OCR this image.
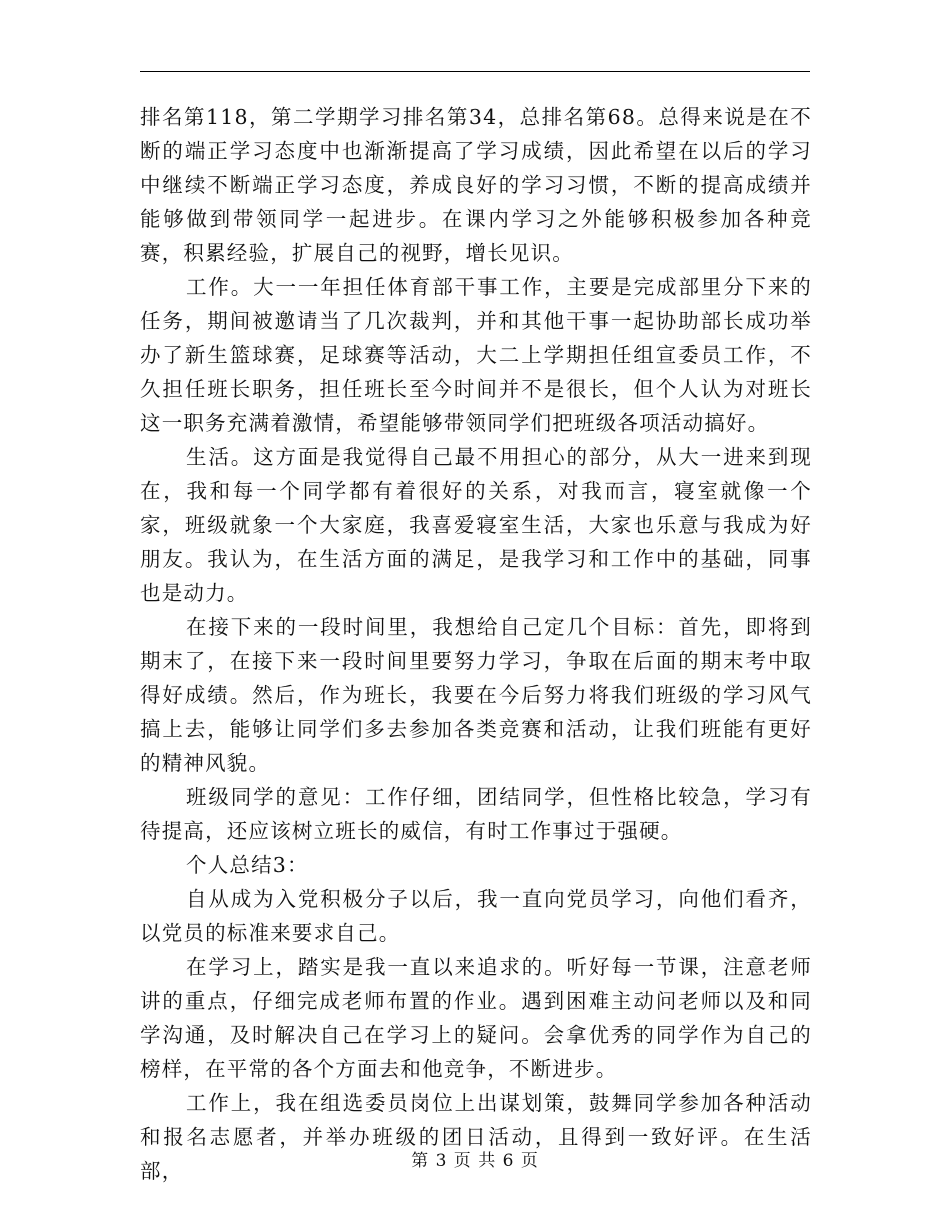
排名第118，第二学期学习排名第34，总排名第68。总得来说是在不断的端正学习态度中也渐渐提高了学习成绩，因此希望在以后的学习中继续不断端正学习态度，养成良好的学习习惯，不断的提高成绩并能够做到带领同学一起进步。在课内学习之外能够积极参加各种竞赛，积累经验，扩展自己的视野，增长见识。

工作。大一一年担任体育部干事工作，主要是完成部里分下来的任务，期间被邀请当了几次裁判，并和其他干事一起协助部长成功举办了新生篮球赛，足球赛等活动，大二上学期担任组宣委员工作，不久担任班长职务，担任班长至今时间并不是很长，但个人认为对班长这一职务充满着激情，希望能够带领同学们把班级各项活动搞好。

生活。这方面是我觉得自己最不用担心的部分，从大一进来到现在，我和每一个同学都有着很好的关系，对我而言，寝室就像一个家，班级就象一个大家庭，我喜爱寝室生活，大家也乐意与我成为好朋友。我认为，在生活方面的满足，是我学习和工作中的基础，同事也是动力。

在接下来的一段时间里，我想给自己定几个目标：首先，即将到期末了，在接下来一段时间里要努力学习，争取在后面的期末考中取得好成绩。然后，作为班长，我要在今后努力将我们班级的学习风气搞上去，能够让同学们多去参加各类竞赛和活动，让我们班能有更好的精神风貌。

班级同学的意见：工作仔细，团结同学，但性格比较急，学习有待提高，还应该树立班长的威信，有时工作事过于强硬。

个人总结3：

自从成为入党积极分子以后，我一直向党员学习，向他们看齐，以党员的标准来要求自己。

在学习上，踏实是我一直以来追求的。听好每一节课，注意老师讲的重点，仔细完成老师布置的作业。遇到困难主动问老师以及和同学沟通，及时解决自己在学习上的疑问。会拿优秀的同学作为自己的榜样，在平常的各个方面去和他竞争，不断进步。

工作上，我在组选委员岗位上出谋划策，鼓舞同学参加各种活动和报名志愿者，并举办班级的团日活动，且得到一致好评。在生活部，	第 3 页 共 6 页
